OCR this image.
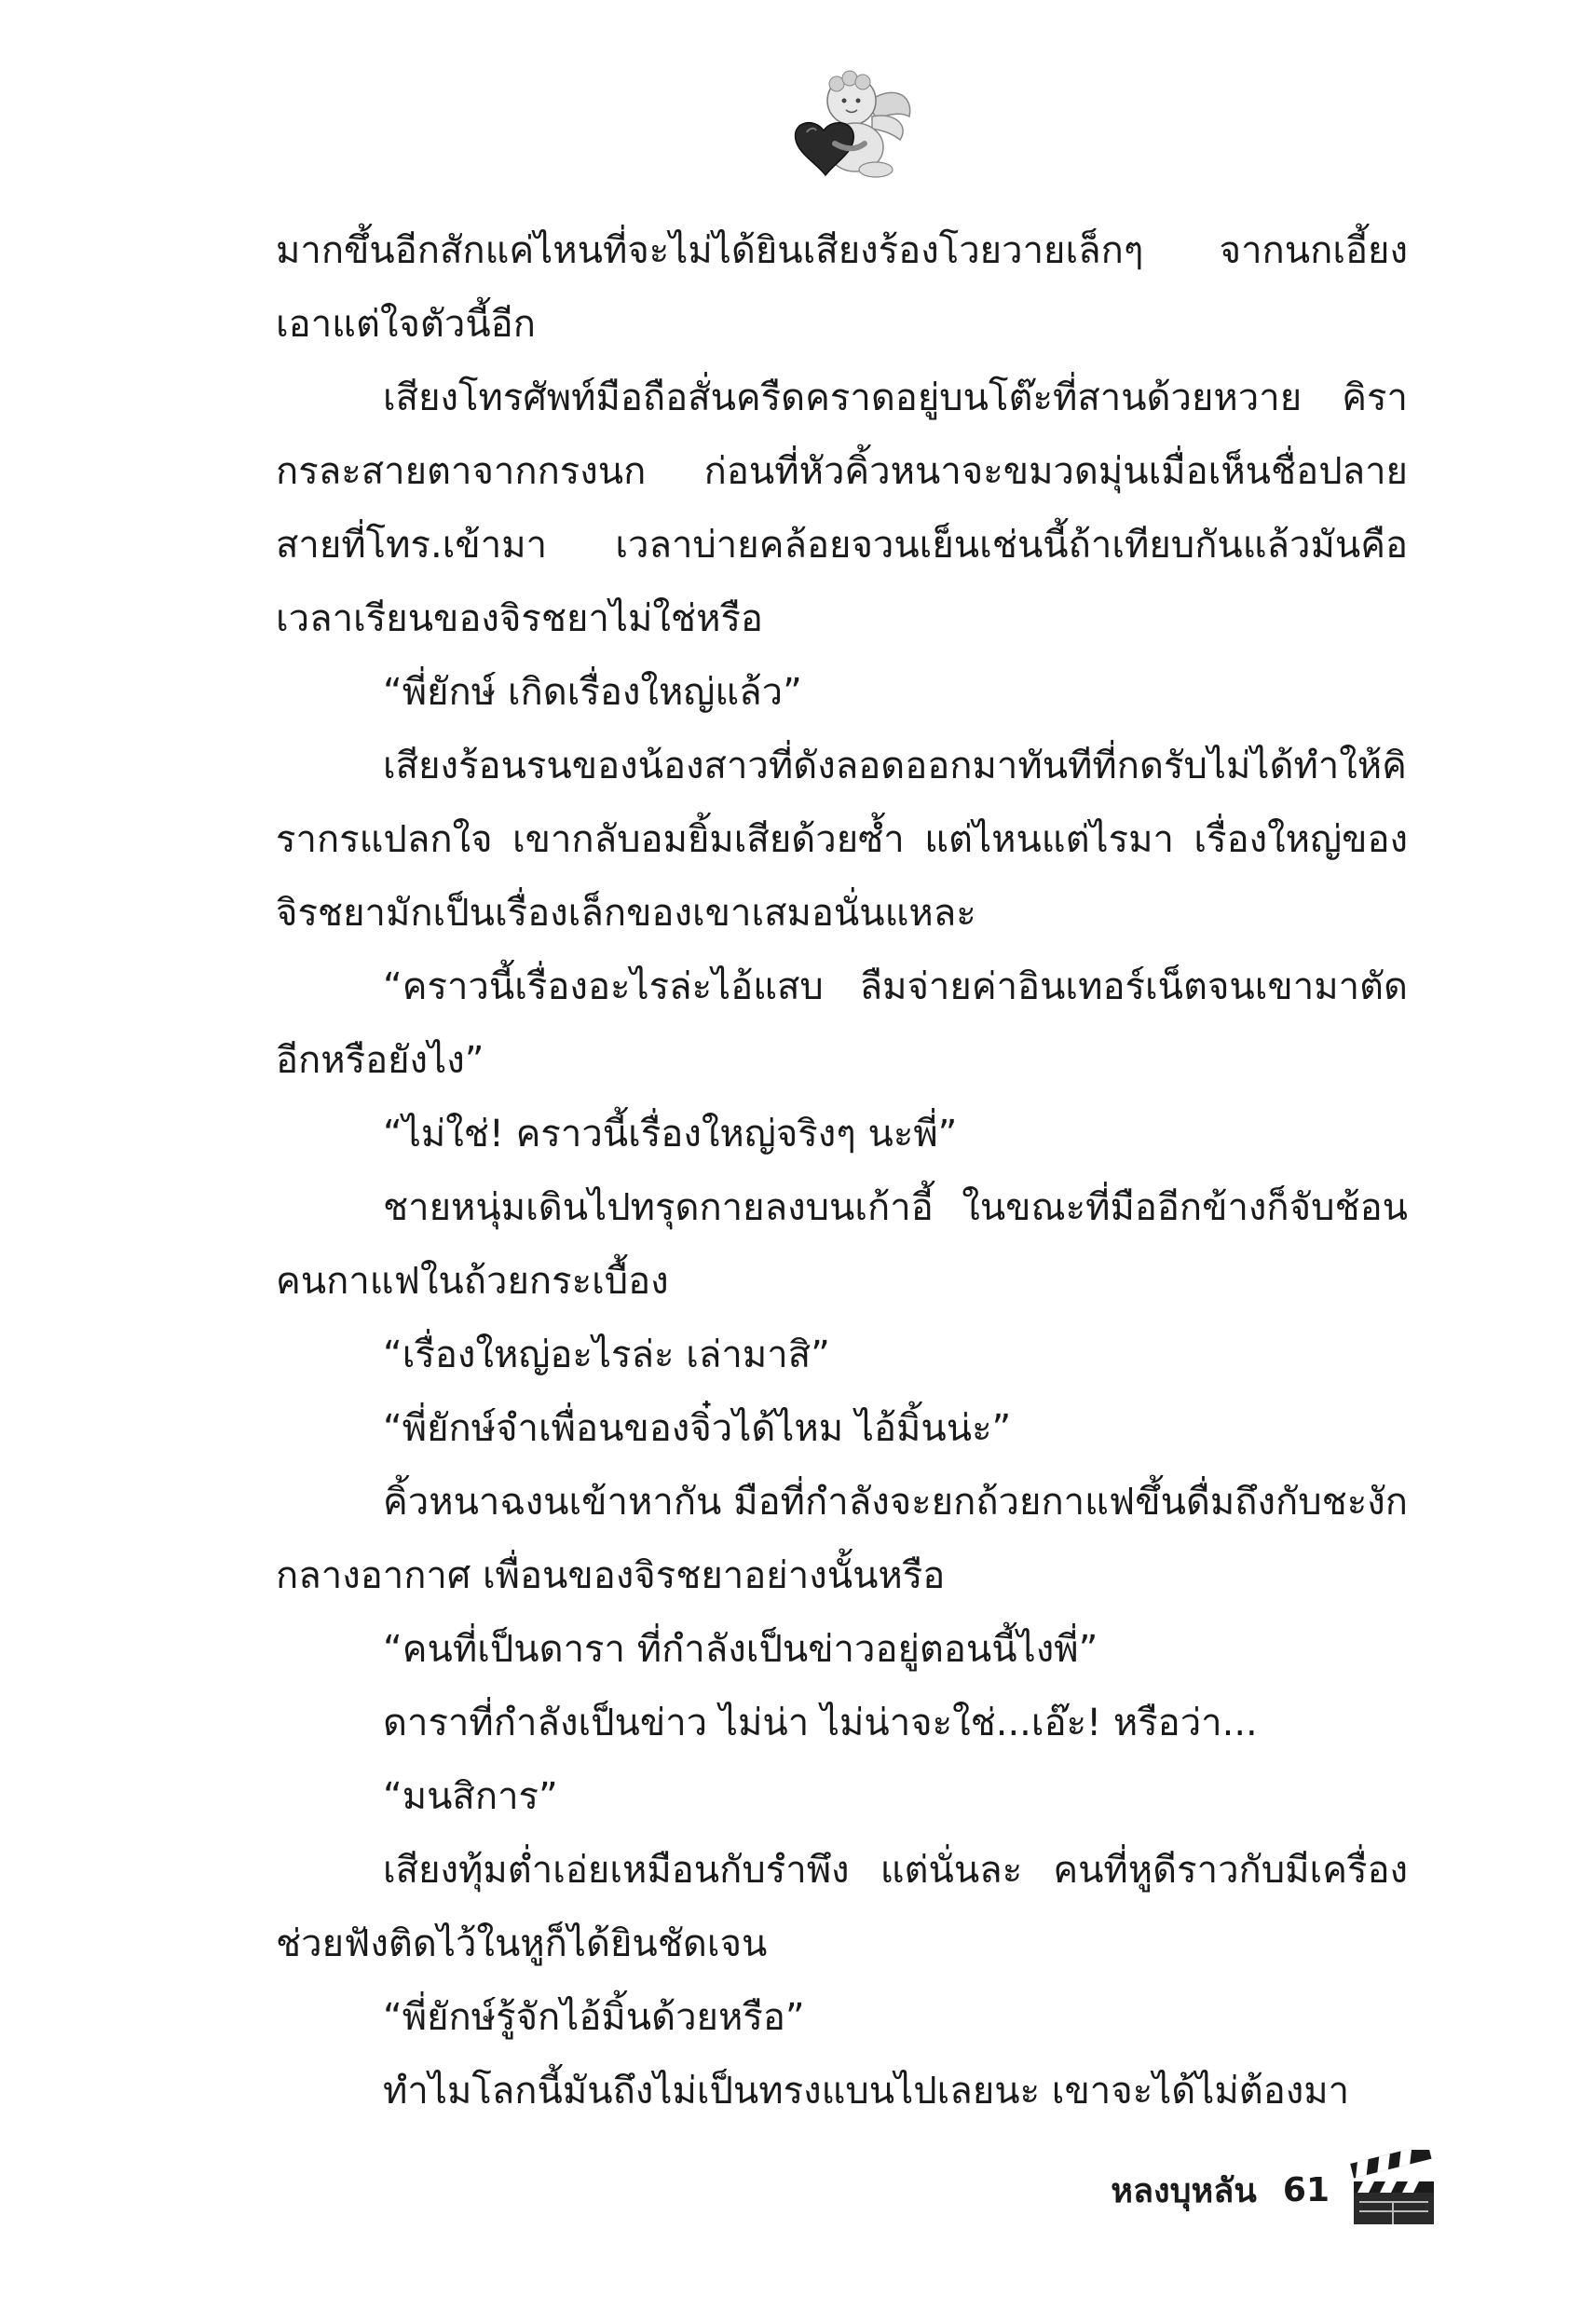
มากขึ้นอีกสักแค่ไหนที่จะไม่ได้ยินเสียงร้องโวยวายเล็กๆ จากนกเอี้ยงเอาแต่ใจตัวนี้อีก

เสียงโทรศัพท์มือถือสั่นครืดคราดอยู่บนโต๊ะที่สานด้วยหวาย คิรากรละสายตาจากกรงนก ก่อนที่หัวคิ้วหนาจะขมวดมุ่นเมื่อเห็นชื่อปลายสายที่โทร.เข้ามา เวลาบ่ายคล้อยจวนเย็นเช่นนี้ถ้าเทียบกันแล้วมันคือเวลาเรียนของจิรชยาไม่ใช่หรือ

“พี่ยักษ์ เกิดเรื่องใหญ่แล้ว”

เสียงร้อนรนของน้องสาวที่ดังลอดออกมาทันทีที่กดรับไม่ได้ทำให้คิรากรแปลกใจ เขากลับอมยิ้มเสียด้วยซ้ำ แต่ไหนแต่ไรมา เรื่องใหญ่ของจิรชยามักเป็นเรื่องเล็กของเขาเสมอนั่นแหละ

“คราวนี้เรื่องอะไรล่ะไอ้แสบ ลืมจ่ายค่าอินเทอร์เน็ตจนเขามาตัดอีกหรือยังไง”

“ไม่ใช่! คราวนี้เรื่องใหญ่จริงๆ นะพี่”

ชายหนุ่มเดินไปทรุดกายลงบนเก้าอี้ ในขณะที่มืออีกข้างก็จับช้อนคนกาแฟในถ้วยกระเบื้อง

“เรื่องใหญ่อะไรล่ะ เล่ามาสิ”

“พี่ยักษ์จำเพื่อนของจิ๋วได้ไหม ไอ้มิ้นน่ะ”

คิ้วหนาฉงนเข้าหากัน มือที่กำลังจะยกถ้วยกาแฟขึ้นดื่มถึงกับชะงักกลางอากาศ เพื่อนของจิรชยาอย่างนั้นหรือ

“คนที่เป็นดารา ที่กำลังเป็นข่าวอยู่ตอนนี้ไงพี่”

ดาราที่กำลังเป็นข่าว ไม่น่า ไม่น่าจะใช่...เอ๊ะ! หรือว่า...

“มนสิการ”

เสียงทุ้มต่ำเอ่ยเหมือนกับรำพึง แต่นั่นละ คนที่หูดีราวกับมีเครื่องช่วยฟังติดไว้ในหูก็ได้ยินชัดเจน

“พี่ยักษ์รู้จักไอ้มิ้นด้วยหรือ”

ทำไมโลกนี้มันถึงไม่เป็นทรงแบนไปเลยนะ เขาจะได้ไม่ต้องมา

หลงบุหลัน 61
